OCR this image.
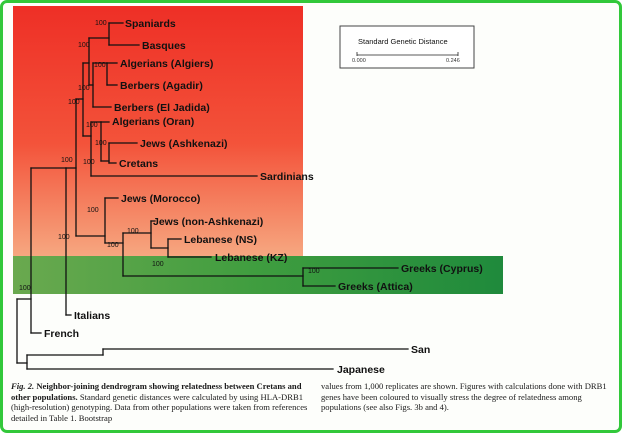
Standard Genetic Distance
0.000	0.246
100
100
100
100
100
100
100
100
100
100
100
100
100
100
100
100
Spaniards
Basques
Algerians (Algiers)
Berbers (Agadir)
Berbers (El Jadida)
Algerians (Oran)
Jews (Ashkenazi)
Cretans
Sardinians
Jews (Morocco)
Jews (non-Ashkenazi)
Lebanese (NS)
Lebanese (KZ)
Greeks (Cyprus)
Greeks (Attica)
Italians
French
San
Japanese
Fig. 2. Neighbor-joining dendrogram showing relatedness between Cretans and other populations. Standard genetic distances were calculated by using HLA-DRB1 (high-resolution) genotyping. Data from other populations were taken from references detailed in Table 1. Bootstrap
values from 1,000 replicates are shown. Figures with calculations done with DRB1 genes have been coloured to visually stress the degree of relatedness among populations (see also Figs. 3b and 4).
